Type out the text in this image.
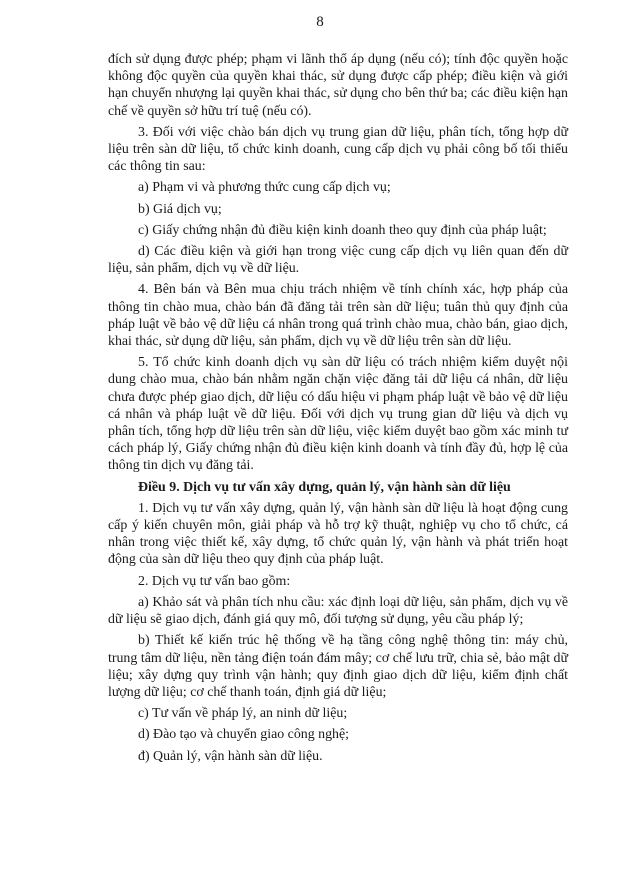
8

đích sử dụng được phép; phạm vi lãnh thổ áp dụng (nếu có); tính độc quyền hoặc không độc quyền của quyền khai thác, sử dụng được cấp phép; điều kiện và giới hạn chuyển nhượng lại quyền khai thác, sử dụng cho bên thứ ba; các điều kiện hạn chế về quyền sở hữu trí tuệ (nếu có).

3. Đối với việc chào bán dịch vụ trung gian dữ liệu, phân tích, tổng hợp dữ liệu trên sàn dữ liệu, tổ chức kinh doanh, cung cấp dịch vụ phải công bố tối thiểu các thông tin sau:

a) Phạm vi và phương thức cung cấp dịch vụ;

b) Giá dịch vụ;

c) Giấy chứng nhận đủ điều kiện kinh doanh theo quy định của pháp luật;

d) Các điều kiện và giới hạn trong việc cung cấp dịch vụ liên quan đến dữ liệu, sản phẩm, dịch vụ về dữ liệu.

4. Bên bán và Bên mua chịu trách nhiệm về tính chính xác, hợp pháp của thông tin chào mua, chào bán đã đăng tải trên sàn dữ liệu; tuân thủ quy định của pháp luật về bảo vệ dữ liệu cá nhân trong quá trình chào mua, chào bán, giao dịch, khai thác, sử dụng dữ liệu, sản phẩm, dịch vụ về dữ liệu trên sàn dữ liệu.

5. Tổ chức kinh doanh dịch vụ sàn dữ liệu có trách nhiệm kiểm duyệt nội dung chào mua, chào bán nhằm ngăn chặn việc đăng tải dữ liệu cá nhân, dữ liệu chưa được phép giao dịch, dữ liệu có dấu hiệu vi phạm pháp luật về bảo vệ dữ liệu cá nhân và pháp luật về dữ liệu. Đối với dịch vụ trung gian dữ liệu và dịch vụ phân tích, tổng hợp dữ liệu trên sàn dữ liệu, việc kiểm duyệt bao gồm xác minh tư cách pháp lý, Giấy chứng nhận đủ điều kiện kinh doanh và tính đầy đủ, hợp lệ của thông tin dịch vụ đăng tải.

Điều 9. Dịch vụ tư vấn xây dựng, quản lý, vận hành sàn dữ liệu

1. Dịch vụ tư vấn xây dựng, quản lý, vận hành sàn dữ liệu là hoạt động cung cấp ý kiến chuyên môn, giải pháp và hỗ trợ kỹ thuật, nghiệp vụ cho tổ chức, cá nhân trong việc thiết kế, xây dựng, tổ chức quản lý, vận hành và phát triển hoạt động của sàn dữ liệu theo quy định của pháp luật.

2. Dịch vụ tư vấn bao gồm:

a) Khảo sát và phân tích nhu cầu: xác định loại dữ liệu, sản phẩm, dịch vụ về dữ liệu sẽ giao dịch, đánh giá quy mô, đối tượng sử dụng, yêu cầu pháp lý;

b) Thiết kế kiến trúc hệ thống về hạ tầng công nghệ thông tin: máy chủ, trung tâm dữ liệu, nền tảng điện toán đám mây; cơ chế lưu trữ, chia sẻ, bảo mật dữ liệu; xây dựng quy trình vận hành; quy định giao dịch dữ liệu, kiểm định chất lượng dữ liệu; cơ chế thanh toán, định giá dữ liệu;

c) Tư vấn về pháp lý, an ninh dữ liệu;

d) Đào tạo và chuyển giao công nghệ;

đ) Quản lý, vận hành sàn dữ liệu.
